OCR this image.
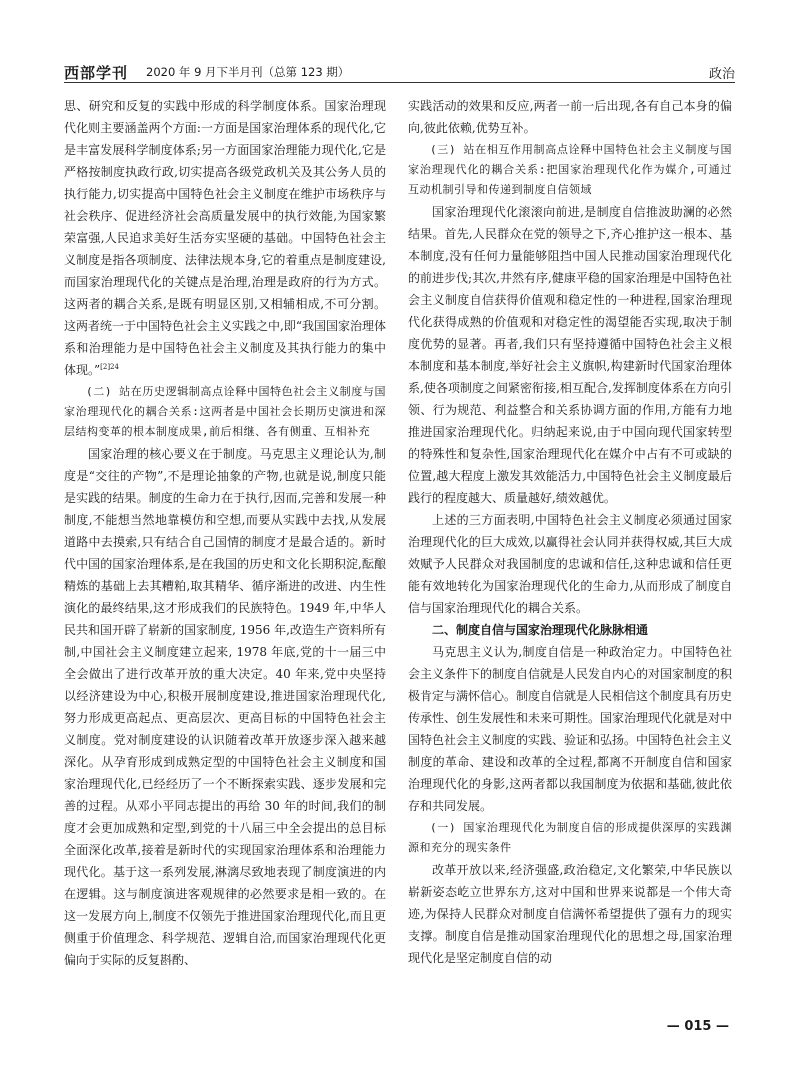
西部学刊 2020 年 9 月下半月刊（总第 123 期）	政治

思、研究和反复的实践中形成的科学制度体系。国家治理现代化则主要涵盖两个方面:一方面是国家治理体系的现代化,它是丰富发展科学制度体系;另一方面国家治理能力现代化,它是严格按制度执政行政,切实提高各级党政机关及其公务人员的执行能力,切实提高中国特色社会主义制度在维护市场秩序与社会秩序、促进经济社会高质量发展中的执行效能,为国家繁荣富强,人民追求美好生活夯实坚硬的基础。中国特色社会主义制度是指各项制度、法律法规本身,它的着重点是制度建设,而国家治理现代化的关键点是治理,治理是政府的行为方式。这两者的耦合关系,是既有明显区别,又相辅相成,不可分割。这两者统一于中国特色社会主义实践之中,即“我国国家治理体系和治理能力是中国特色社会主义制度及其执行能力的集中体现。”$^{[2]24}$

(二) 站在历史逻辑制高点诠释中国特色社会主义制度与国家治理现代化的耦合关系:这两者是中国社会长期历史演进和深层结构变革的根本制度成果,前后相继、各有侧重、互相补充

国家治理的核心要义在于制度。马克思主义理论认为,制度是“交往的产物”,不是理论抽象的产物,也就是说,制度只能是实践的结果。制度的生命力在于执行,因而,完善和发展一种制度,不能想当然地靠模仿和空想,而要从实践中去找,从发展道路中去摸索,只有结合自己国情的制度才是最合适的。新时代中国的国家治理体系,是在我国的历史和文化长期积淀,酝酿精炼的基础上去其糟粕,取其精华、循序渐进的改进、内生性演化的最终结果,这才形成我们的民族特色。1949 年,中华人民共和国开辟了崭新的国家制度, 1956 年,改造生产资料所有制,中国社会主义制度建立起来, 1978 年底,党的十一届三中全会做出了进行改革开放的重大决定。40 年来,党中央坚持以经济建设为中心,积极开展制度建设,推进国家治理现代化,努力形成更高起点、更高层次、更高目标的中国特色社会主义制度。党对制度建设的认识随着改革开放逐步深入越来越深化。从孕育形成到成熟定型的中国特色社会主义制度和国家治理现代化,已经经历了一个不断探索实践、逐步发展和完善的过程。从邓小平同志提出的再给 30 年的时间,我们的制度才会更加成熟和定型,到党的十八届三中全会提出的总目标全面深化改革,接着是新时代的实现国家治理体系和治理能力现代化。基于这一系列发展,淋漓尽致地表现了制度演进的内在逻辑。这与制度演进客观规律的必然要求是相一致的。在这一发展方向上,制度不仅领先于推进国家治理现代化,而且更侧重于价值理念、科学规范、逻辑自洽,而国家治理现代化更偏向于实际的反复斟酌、

实践活动的效果和反应,两者一前一后出现,各有自己本身的偏向,彼此依赖,优势互补。

(三) 站在相互作用制高点诠释中国特色社会主义制度与国家治理现代化的耦合关系:把国家治理现代化作为媒介,可通过互动机制引导和传递到制度自信领域

国家治理现代化滚滚向前进,是制度自信推波助澜的必然结果。首先,人民群众在党的领导之下,齐心推护这一根本、基本制度,没有任何力量能够阻挡中国人民推动国家治理现代化的前进步伐;其次,井然有序,健康平稳的国家治理是中国特色社会主义制度自信获得价值观和稳定性的一种进程,国家治理现代化获得成熟的价值观和对稳定性的渴望能否实现,取决于制度优势的显著。再者,我们只有坚持遵循中国特色社会主义根本制度和基本制度,举好社会主义旗帜,构建新时代国家治理体系,使各项制度之间紧密衔接,相互配合,发挥制度体系在方向引领、行为规范、利益整合和关系协调方面的作用,方能有力地推进国家治理现代化。归纳起来说,由于中国向现代国家转型的特殊性和复杂性,国家治理现代化在媒介中占有不可或缺的位置,越大程度上激发其效能活力,中国特色社会主义制度最后践行的程度越大、质量越好,绩效越优。

上述的三方面表明,中国特色社会主义制度必须通过国家治理现代化的巨大成效,以赢得社会认同并获得权威,其巨大成效赋予人民群众对我国制度的忠诚和信任,这种忠诚和信任更能有效地转化为国家治理现代化的生命力,从而形成了制度自信与国家治理现代化的耦合关系。

二、制度自信与国家治理现代化脉脉相通

马克思主义认为,制度自信是一种政治定力。中国特色社会主义条件下的制度自信就是人民发自内心的对国家制度的积极肯定与满怀信心。制度自信就是人民相信这个制度具有历史传承性、创生发展性和未来可期性。国家治理现代化就是对中国特色社会主义制度的实践、验证和弘扬。中国特色社会主义制度的革命、建设和改革的全过程,都离不开制度自信和国家治理现代化的身影,这两者都以我国制度为依据和基础,彼此依存和共同发展。

(一) 国家治理现代化为制度自信的形成提供深厚的实践渊源和充分的现实条件

改革开放以来,经济强盛,政治稳定,文化繁荣,中华民族以崭新姿态屹立世界东方,这对中国和世界来说都是一个伟大奇迹,为保持人民群众对制度自信满怀希望提供了强有力的现实支撑。制度自信是推动国家治理现代化的思想之母,国家治理现代化是坚定制度自信的动

— 015 —
